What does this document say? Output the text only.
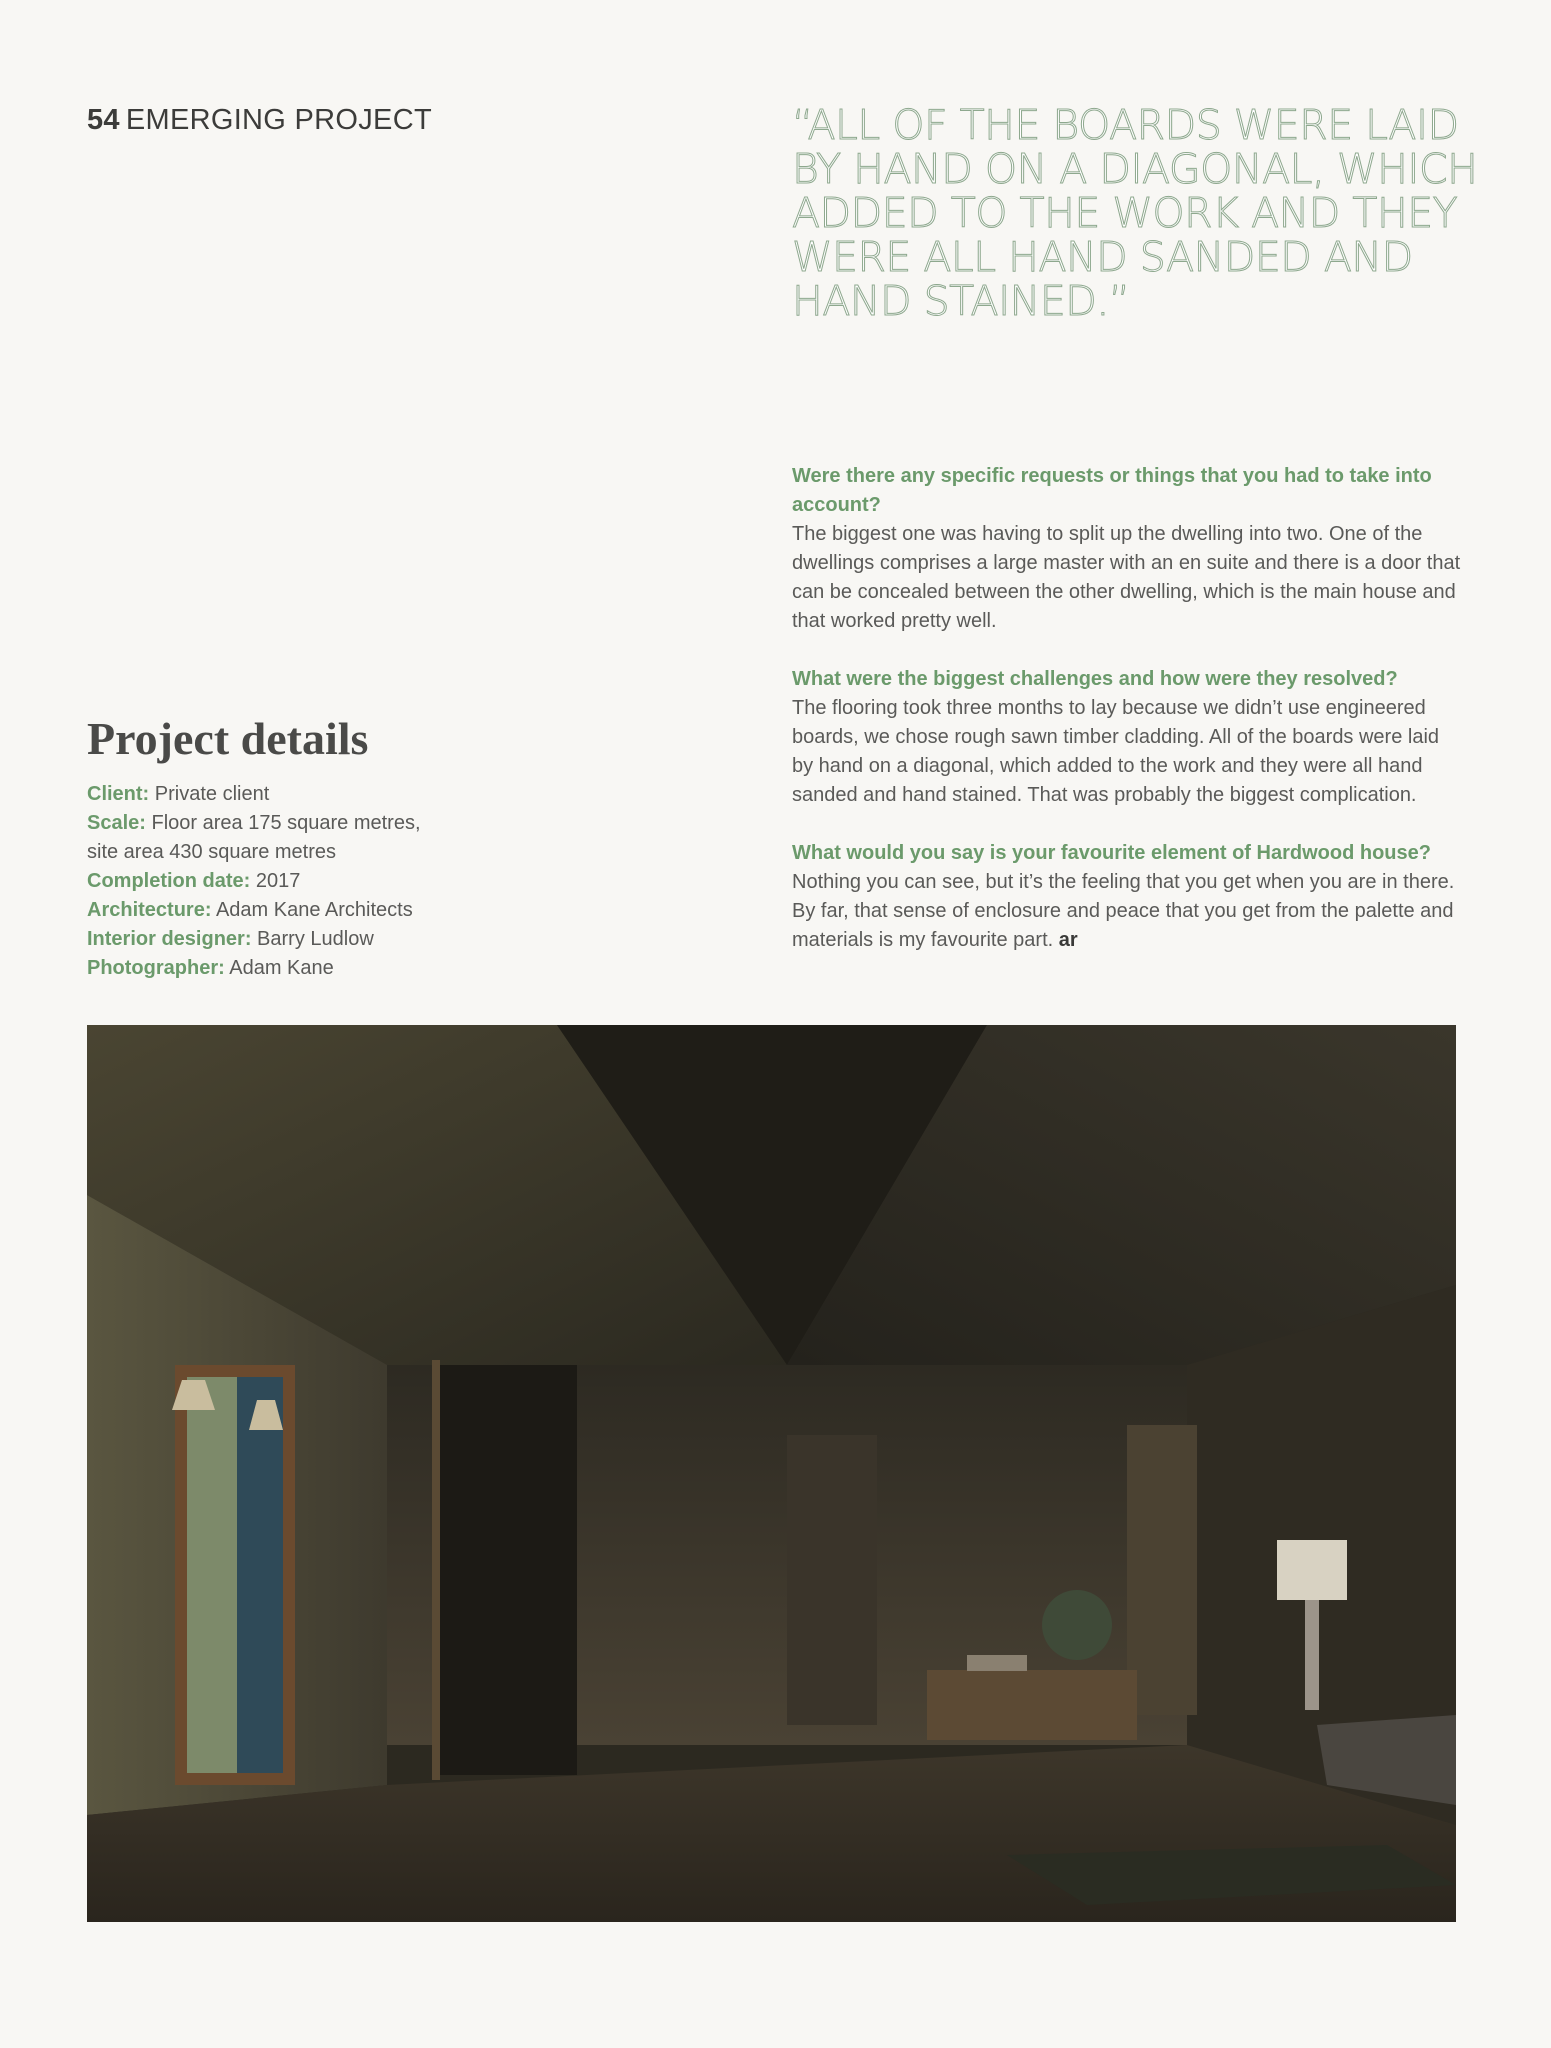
54 EMERGING PROJECT	“ALL OF THE BOARDS WERE LAID BY HAND ON A DIAGONAL, WHICH ADDED TO THE WORK AND THEY WERE ALL HAND SANDED AND HAND STAINED.”
Project details

Client: Private client

Scale: Floor area 175 square metres, site area 430 square metres

Completion date: 2017

Architecture: Adam Kane Architects

Interior designer: Barry Ludlow

Photographer: Adam Kane

Were there any specific requests or things that you had to take into account?

The biggest one was having to split up the dwelling into two. One of the dwellings comprises a large master with an en suite and there is a door that can be concealed between the other dwelling, which is the main house and that worked pretty well.

What were the biggest challenges and how were they resolved?

The flooring took three months to lay because we didn’t use engineered boards, we chose rough sawn timber cladding. All of the boards were laid by hand on a diagonal, which added to the work and they were all hand sanded and hand stained. That was probably the biggest complication.

What would you say is your favourite element of Hardwood house?

Nothing you can see, but it’s the feeling that you get when you are in there. By far, that sense of enclosure and peace that you get from the palette and materials is my favourite part. ar
